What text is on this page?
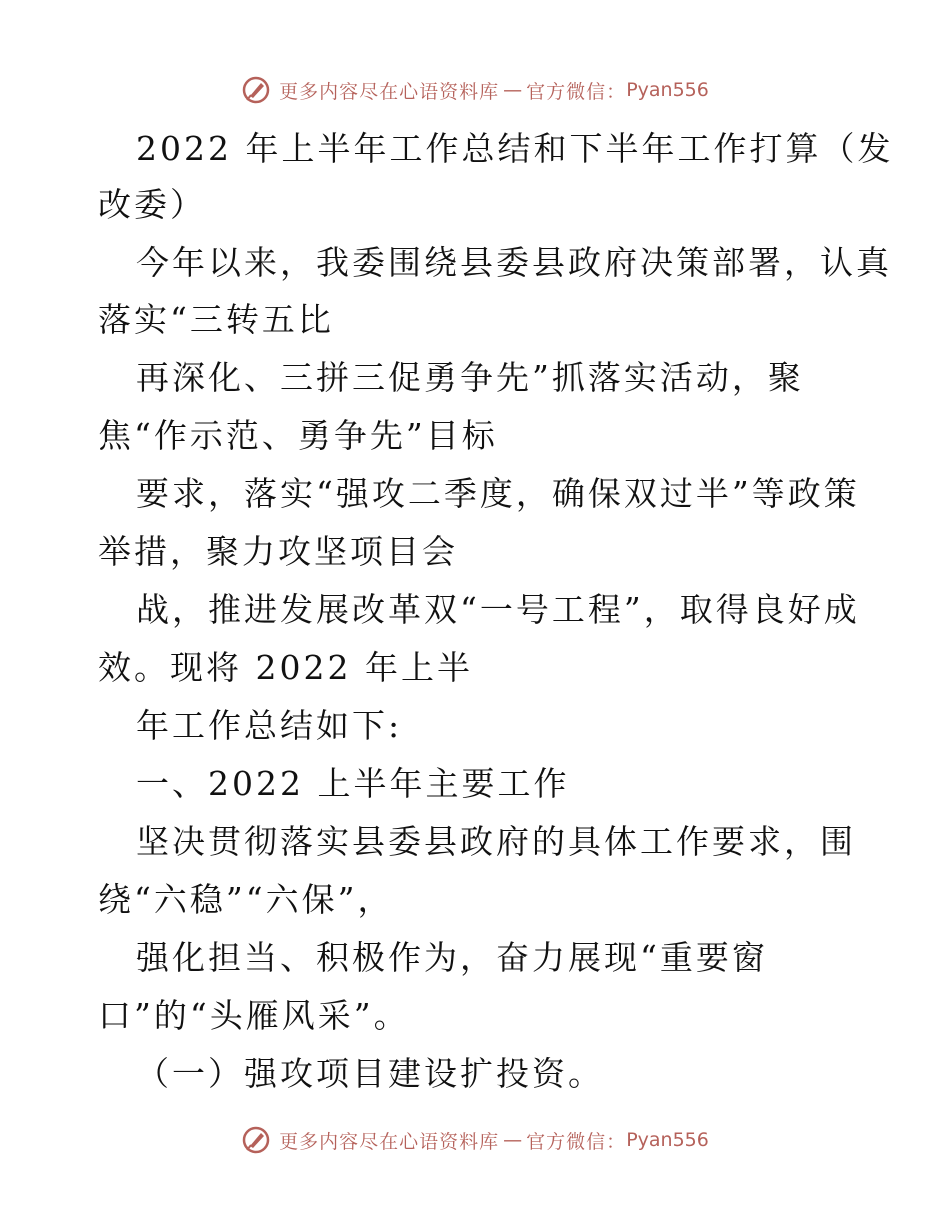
更多内容尽在心语资料库 — 官方微信： Pyan556
2022 年上半年工作总结和下半年工作打算（发
改委）
今年以来，我委围绕县委县政府决策部署，认真
落实“三转五比
再深化、三拼三促勇争先”抓落实活动，聚
焦“作示范、勇争先”目标
要求，落实“强攻二季度，确保双过半”等政策
举措，聚力攻坚项目会
战，推进发展改革双“一号工程”，取得良好成
效。现将 2022 年上半
年工作总结如下:
一、2022 上半年主要工作
坚决贯彻落实县委县政府的具体工作要求，围
绕“六稳”“六保”，
强化担当、积极作为，奋力展现“重要窗
口”的“头雁风采”。
（一）强攻项目建设扩投资。
更多内容尽在心语资料库 — 官方微信： Pyan556
